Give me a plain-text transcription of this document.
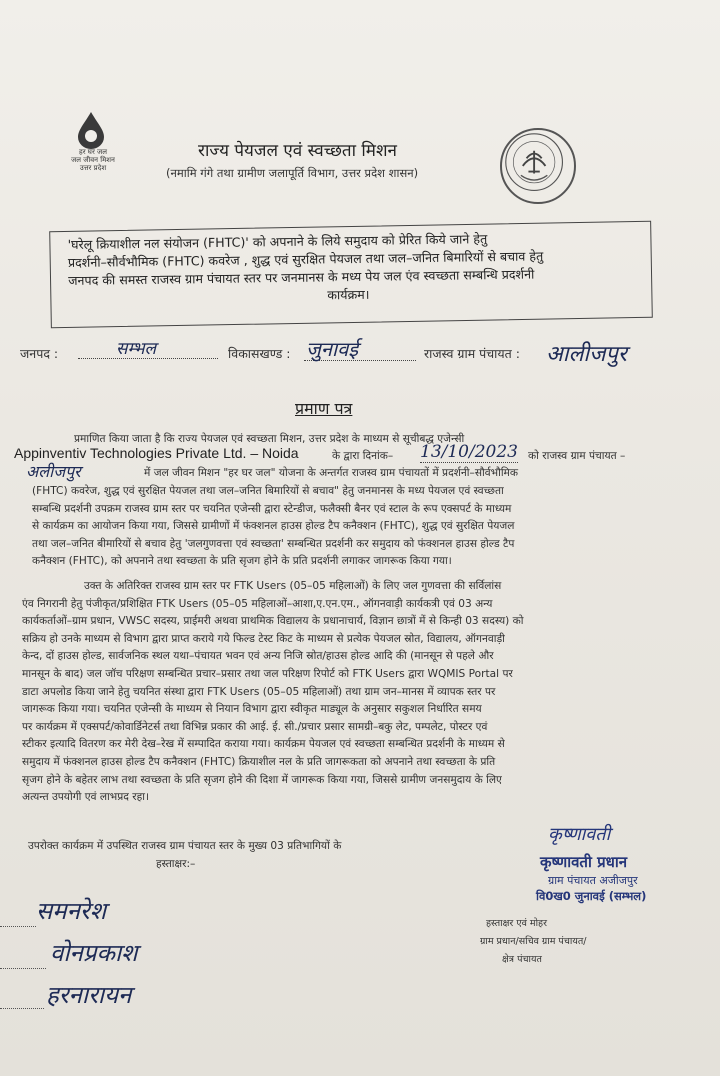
हर घर जल
जल जीवन मिशन
उत्तर प्रदेश
राज्य पेयजल एवं स्वच्छता मिशन
(नमामि गंगे तथा ग्रामीण जलापूर्ति विभाग, उत्तर प्रदेश शासन)
'घरेलू क्रियाशील नल संयोजन (FHTC)' को अपनाने के लिये समुदाय को प्रेरित किये जाने हेतु
प्रदर्शनी–सौर्वभौमिक (FHTC) कवरेज , शुद्ध एवं सुरक्षित पेयजल तथा जल–जनित बिमारियों से बचाव हेतु
जनपद की समस्त राजस्व ग्राम पंचायत स्तर पर जनमानस के मध्य पेय जल एंव स्वच्छता सम्बन्धि प्रदर्शनी
कार्यक्रम।
जनपद :	सम्भल	विकासखण्ड : जुनावई	राजस्व ग्राम पंचायत : आलीजपुर
प्रमाण पत्र
प्रमाणित किया जाता है कि राज्य पेयजल एवं स्वच्छता मिशन, उत्तर प्रदेश के माध्यम से सूचीबद्ध एजेन्सी
Appinventiv Technologies Private Ltd. – Noida	के द्वारा दिनांक– 13/10/2023 को राजस्व ग्राम पंचायत –
अलीजपुर	में जल जीवन मिशन "हर घर जल" योजना के अन्तर्गत राजस्व ग्राम पंचायतों में प्रदर्शनी–सौर्वभौमिक
(FHTC) कवरेज, शुद्ध एवं सुरक्षित पेयजल तथा जल–जनित बिमारियों से बचाव" हेतु जनमानस के मध्य पेयजल एवं स्वच्छता
सम्बन्धि प्रदर्शनी उपक्रम राजस्व ग्राम स्तर पर चयनित एजेन्सी द्वारा स्टेन्डीज, फलैक्सी बैनर एवं स्टाल के रूप एक्सपर्ट के माध्यम
से कार्यक्रम का आयोजन किया गया, जिससे ग्रामीणों में फंक्शनल हाउस होल्ड टैप कनैक्शन (FHTC), शुद्ध एवं सुरक्षित पेयजल
तथा जल–जनित बीमारियों से बचाव हेतु 'जलगुणवत्ता एवं स्वच्छता' सम्बन्धित प्रदर्शनी कर समुदाय को फंक्शनल हाउस होल्ड टैप
कनैक्शन (FHTC), को अपनाने तथा स्वच्छता के प्रति सृजग होने के प्रति प्रदर्शनी लगाकर जागरूक किया गया।
उक्त के अतिरिक्त राजस्व ग्राम स्तर पर FTK Users (05–05 महिलाओं) के लिए जल गुणवत्ता की सर्विलांस
एंव निगरानी हेतु पंजीकृत/प्रशिक्षित FTK Users (05–05 महिलाओं–आशा,ए.एन.एम., ऑगनवाड़ी कार्यकत्री एवं 03 अन्य
कार्यकर्ताओं–ग्राम प्रधान, VWSC सदस्य, प्राईमरी अथवा प्राथमिक विद्यालय के प्रधानाचार्य, विज्ञान छात्रों में से किन्ही 03 सदस्य) को
सक्रिय हो उनके माध्यम से विभाग द्वारा प्राप्त कराये गये फिल्ड टेस्ट किट के माध्यम से प्रत्येक पेयजल स्रोत, विद्यालय, ऑगनवाड़ी
केन्द, दों हाउस होल्ड, सार्वजनिक स्थल यथा–पंचायत भवन एवं अन्य निजि स्रोत/हाउस होल्ड आदि की (मानसून से पहले और
मानसून के बाद) जल जॉच परिक्षण सम्बन्धित प्रचार–प्रसार तथा जल परिक्षण रिपोर्ट को FTK Users द्वारा WQMIS Portal पर
डाटा अपलोड किया जाने हेतु चयनित संस्था द्वारा FTK Users (05–05 महिलाओं) तथा ग्राम जन–मानस में व्यापक स्तर पर
जागरूक किया गया। चयनित एजेन्सी के माध्यम से नियान विभाग द्वारा स्वीकृत माड्यूल के अनुसार सकुशल निर्धारित समय
पर कार्यक्रम में एक्सपर्ट/कोवार्डिनेटर्स तथा विभिन्न प्रकार की आई. ई. सी./प्रचार प्रसार सामग्री–बकु लेट, पम्पलेट, पोस्टर एवं
स्टीकर इत्यादि वितरण कर मेरी देख–रेख में सम्पादित कराया गया। कार्यक्रम पेयजल एवं स्वच्छता सम्बन्धित प्रदर्शनी के माध्यम से
समुदाय में फंक्शनल हाउस होल्ड टैप कनैक्शन (FHTC) क्रियाशील नल के प्रति जागरूकता को अपनाने तथा स्वच्छता के प्रति
सृजग होने के बहेतर लाभ तथा स्वच्छता के प्रति सृजग होने की दिशा में जागरूक किया गया, जिससे ग्रामीण जनसमुदाय के लिए
अत्यन्त उपयोगी एवं लाभप्रद रहा।
कृष्णावती
कृष्णावती प्रधान
ग्राम पंचायत अजीजपुर
वि0ख0 जुनावई (सम्भल)
उपरोक्त कार्यक्रम में उपस्थित राजस्व ग्राम पंचायत स्तर के मुख्य 03 प्रतिभागियों के
हस्ताक्षर:–
समनरेश
वोनप्रकाश
हरनारायन
हस्ताक्षर एवं मोहर
ग्राम प्रधान/सचिव ग्राम पंचायत/
क्षेत्र पंचायत
